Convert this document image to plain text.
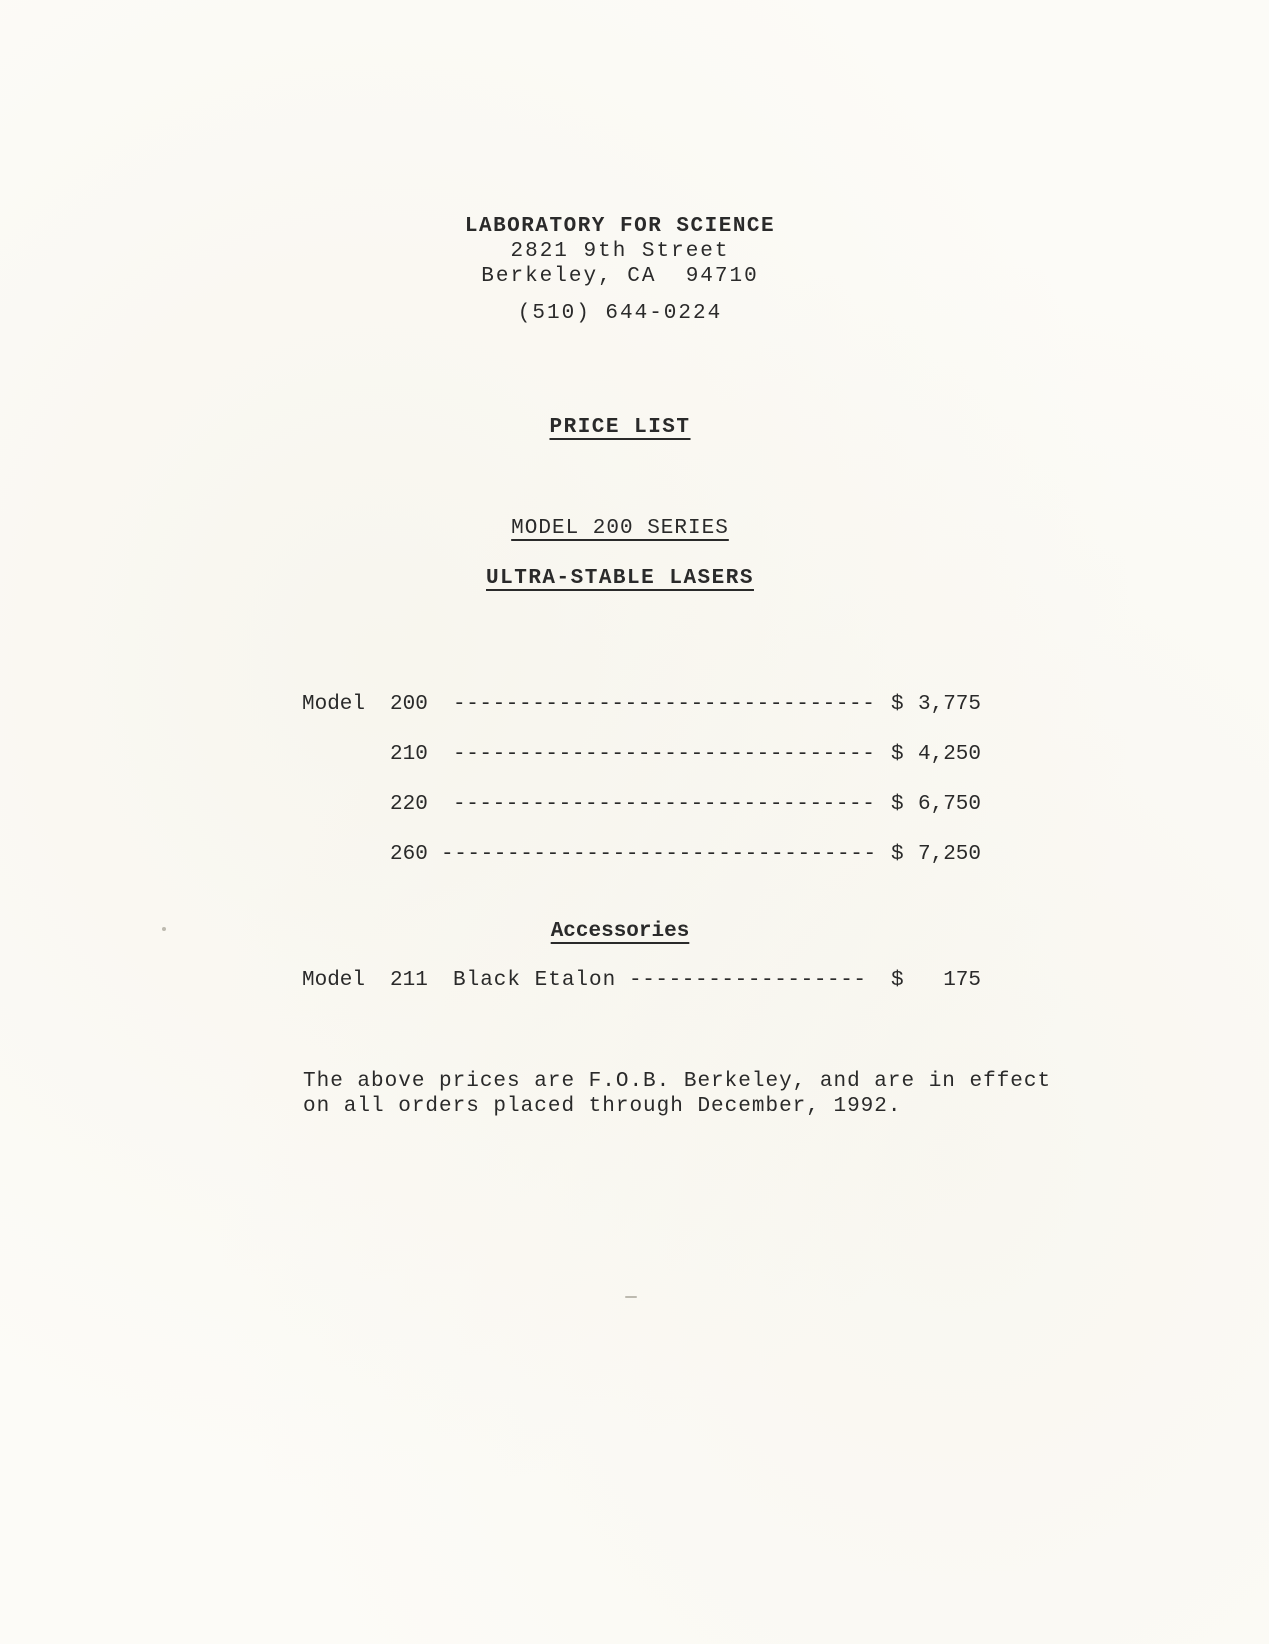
LABORATORY FOR SCIENCE
2821 9th Street
Berkeley, CA  94710
(510) 644-0224
PRICE LIST
MODEL 200 SERIES
ULTRA-STABLE LASERS
Model 200 -------------------------------- $ 3,775
210 -------------------------------- $ 4,250
220 -------------------------------- $ 6,750
260 --------------------------------- $ 7,250
Accessories
Model 211 Black Etalon ------------------ $	175
The above prices are F.O.B. Berkeley, and are in effect
on all orders placed through December, 1992.
